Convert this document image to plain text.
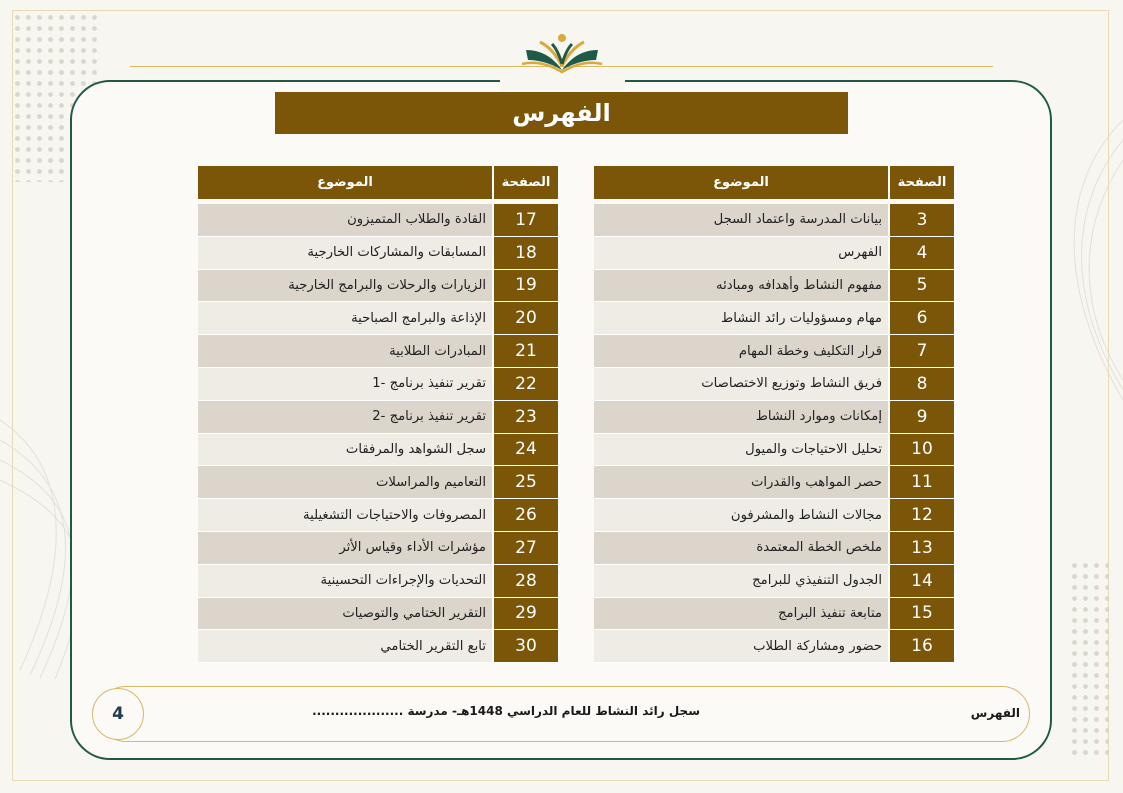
الفهرس
الموضوع	الصفحة	الموضوع	الصفحة
القادة والطلاب المتميزون	17	بيانات المدرسة واعتماد السجل	3
المسابقات والمشاركات الخارجية	18	الفهرس	4
الزيارات والرحلات والبرامج الخارجية	19	مفهوم النشاط وأهدافه ومبادئه	5
الإذاعة والبرامج الصباحية	20	مهام ومسؤوليات رائد النشاط	6
المبادرات الطلابية	21	قرار التكليف وخطة المهام	7
1- تقرير تنفيذ برنامج	22	فريق النشاط وتوزيع الاختصاصات	8
2- تقرير تنفيذ برنامج	23	إمكانات وموارد النشاط	9
سجل الشواهد والمرفقات	24	تحليل الاحتياجات والميول	10
التعاميم والمراسلات	25	حصر المواهب والقدرات	11
المصروفات والاحتياجات التشغيلية	26	مجالات النشاط والمشرفون	12
مؤشرات الأداء وقياس الأثر	27	ملخص الخطة المعتمدة	13
التحديات والإجراءات التحسينية	28	الجدول التنفيذي للبرامج	14
التقرير الختامي والتوصيات	29	متابعة تنفيذ البرامج	15
تابع التقرير الختامي	30	حضور ومشاركة الطلاب	16
4	سجل رائد النشاط للعام الدراسي 1448هـ- مدرسة ....................	الفهرس
